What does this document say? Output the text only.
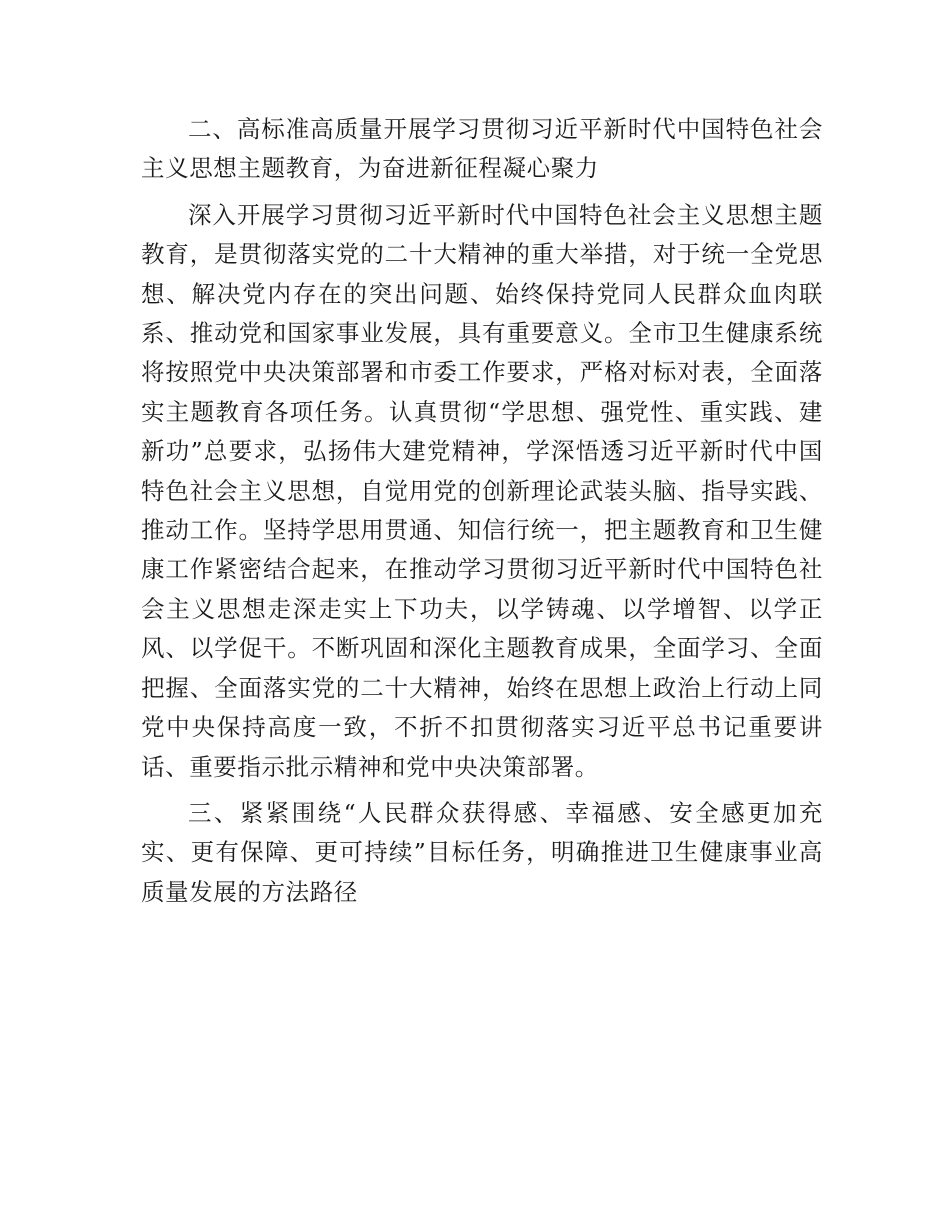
二、高标准高质量开展学习贯彻习近平新时代中国特色社会主义思想主题教育，为奋进新征程凝心聚力

深入开展学习贯彻习近平新时代中国特色社会主义思想主题教育，是贯彻落实党的二十大精神的重大举措，对于统一全党思想、解决党内存在的突出问题、始终保持党同人民群众血肉联系、推动党和国家事业发展，具有重要意义。全市卫生健康系统将按照党中央决策部署和市委工作要求，严格对标对表，全面落实主题教育各项任务。认真贯彻“学思想、强党性、重实践、建新功”总要求，弘扬伟大建党精神，学深悟透习近平新时代中国特色社会主义思想，自觉用党的创新理论武装头脑、指导实践、推动工作。坚持学思用贯通、知信行统一，把主题教育和卫生健康工作紧密结合起来，在推动学习贯彻习近平新时代中国特色社会主义思想走深走实上下功夫，以学铸魂、以学增智、以学正风、以学促干。不断巩固和深化主题教育成果，全面学习、全面把握、全面落实党的二十大精神，始终在思想上政治上行动上同党中央保持高度一致，不折不扣贯彻落实习近平总书记重要讲话、重要指示批示精神和党中央决策部署。

三、紧紧围绕“人民群众获得感、幸福感、安全感更加充实、更有保障、更可持续”目标任务，明确推进卫生健康事业高质量发展的方法路径
